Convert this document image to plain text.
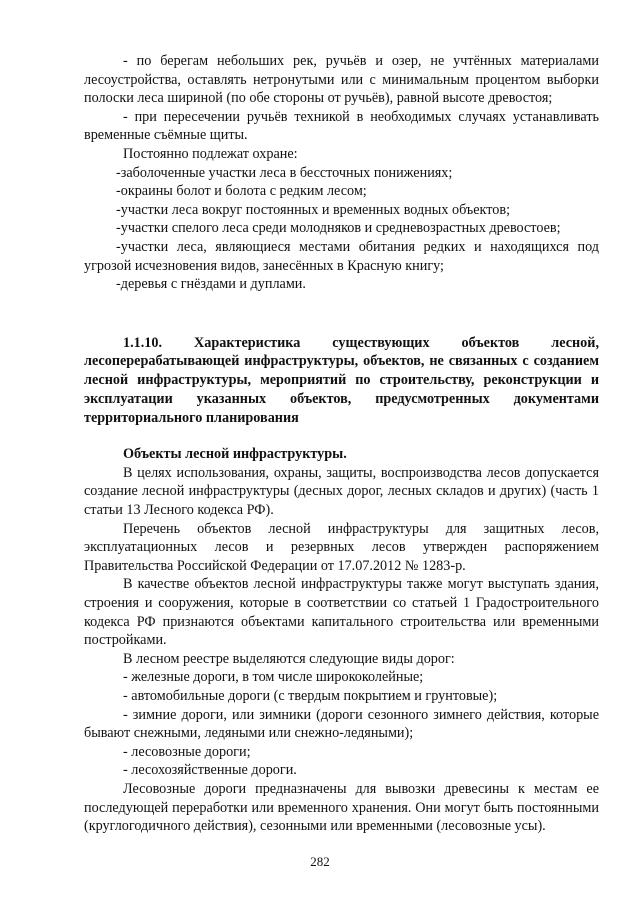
- по берегам небольших рек, ручьёв и озер, не учтённых материалами лесоустройства, оставлять нетронутыми или с минимальным процентом выборки полоски леса шириной (по обе стороны от ручьёв), равной высоте древостоя;

- при пересечении ручьёв техникой в необходимых случаях устанавливать временные съёмные щиты.

Постоянно подлежат охране:

-заболоченные участки леса в бессточных понижениях;

-окраины болот и болота с редким лесом;

-участки леса вокруг постоянных и временных водных объектов;

-участки спелого леса среди молодняков и средневозрастных древостоев;

-участки леса, являющиеся местами обитания редких и находящихся под угрозой исчезновения видов, занесённых в Красную книгу;

-деревья с гнёздами и дуплами.

1.1.10. Характеристика существующих объектов лесной, лесоперерабатывающей инфраструктуры, объектов, не связанных с созданием лесной инфраструктуры, мероприятий по строительству, реконструкции и эксплуатации указанных объектов, предусмотренных документами территориального планирования

Объекты лесной инфраструктуры.

В целях использования, охраны, защиты, воспроизводства лесов допускается создание лесной инфраструктуры (десных дорог, лесных складов и других) (часть 1 статьи 13 Лесного кодекса РФ).

Перечень объектов лесной инфраструктуры для защитных лесов, эксплуатационных лесов и резервных лесов утвержден распоряжением Правительства Российской Федерации от 17.07.2012 № 1283-р.

В качестве объектов лесной инфраструктуры также могут выступать здания, строения и сооружения, которые в соответствии со статьей 1 Градостроительного кодекса РФ признаются объектами капитального строительства или временными постройками.

В лесном реестре выделяются следующие виды дорог:

- железные дороги, в том числе ширококолейные;

- автомобильные дороги (с твердым покрытием и грунтовые);

- зимние дороги, или зимники (дороги сезонного зимнего действия, которые бывают снежными, ледяными или снежно-ледяными);

- лесовозные дороги;

- лесохозяйственные дороги.

Лесовозные дороги предназначены для вывозки древесины к местам ее последующей переработки или временного хранения. Они могут быть постоянными (круглогодичного действия), сезонными или временными (лесовозные усы).

282
